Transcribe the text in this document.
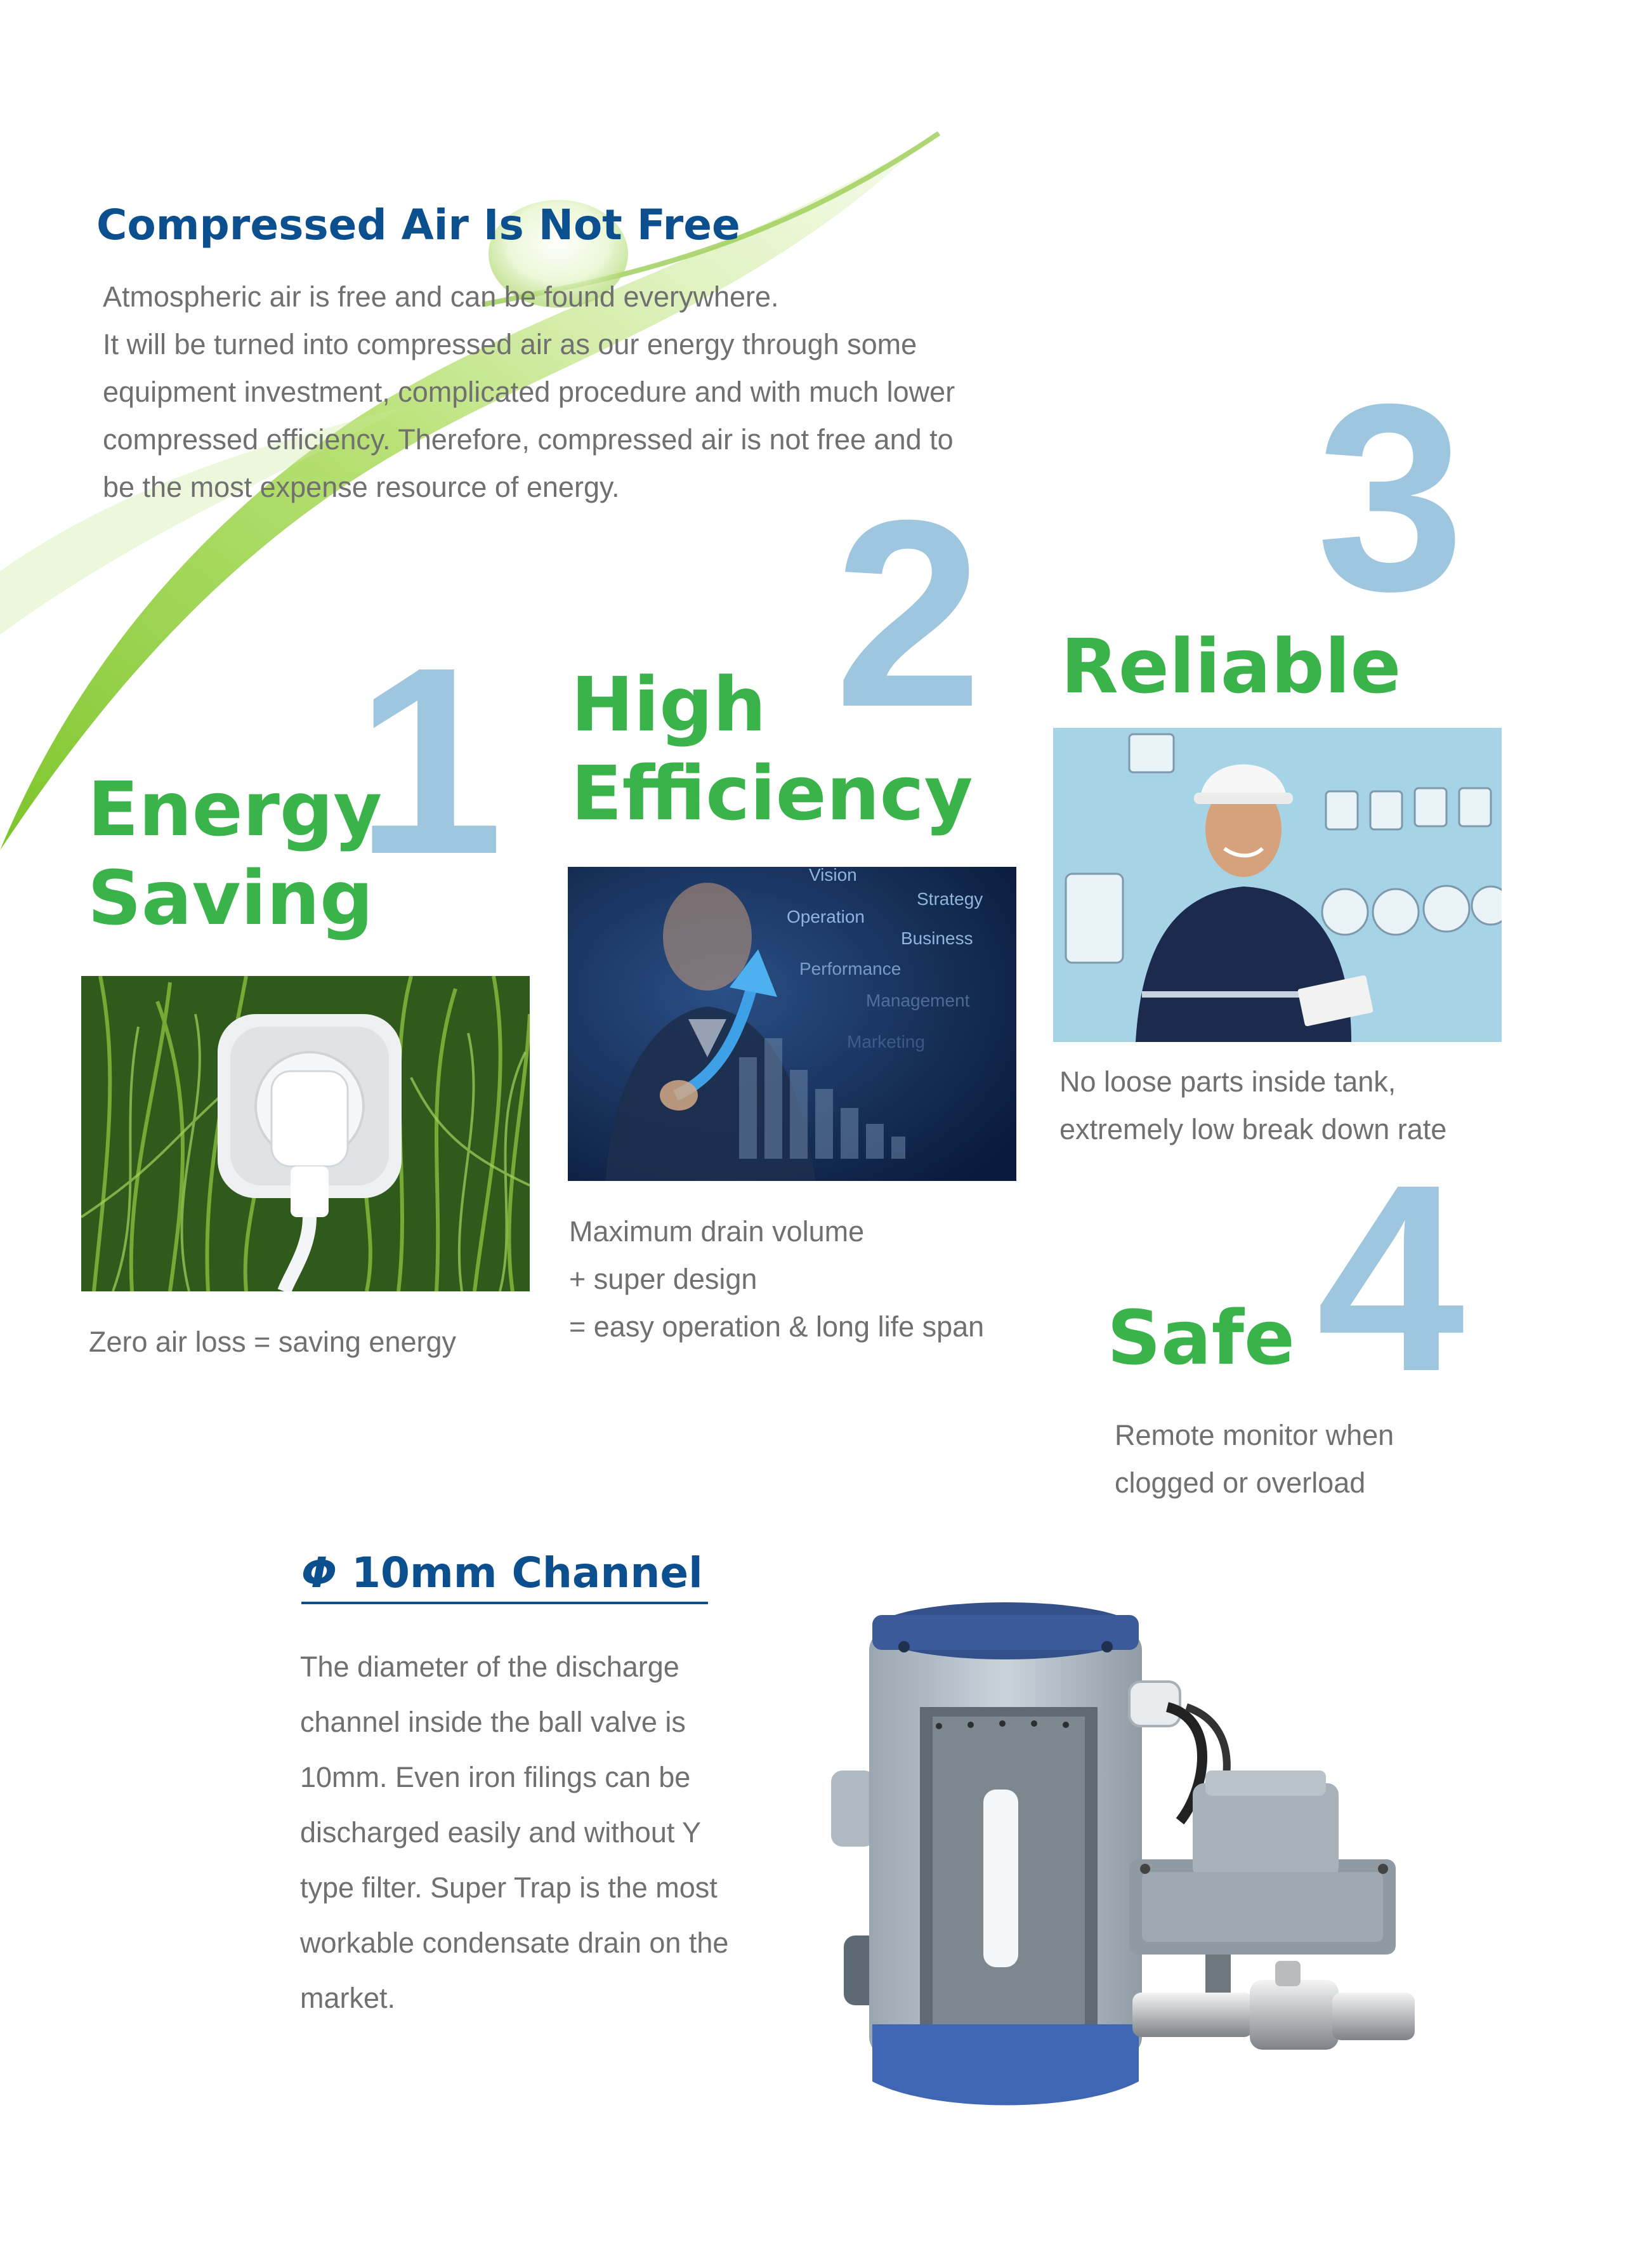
Compressed Air Is Not Free
Atmospheric air is free and can be found everywhere.
It will be turned into compressed air as our energy through some
equipment investment, complicated procedure and with much lower
compressed efficiency. Therefore, compressed air is not free and to
be the most expense resource of energy.
1
Energy
Saving
Zero air loss = saving energy
2
High
Efficiency
Vision
Strategy
Operation
Business
Performance
Management
Marketing
Maximum drain volume
+ super design
= easy operation & long life span
3
Reliable
No loose parts inside tank,
extremely low break down rate
4
Safe
Remote monitor when
clogged or overload
Φ 10mm Channel
The diameter of the discharge
channel inside the ball valve is
10mm. Even iron filings can be
discharged easily and without Y
type filter. Super Trap is the most
workable condensate drain on the
market.
